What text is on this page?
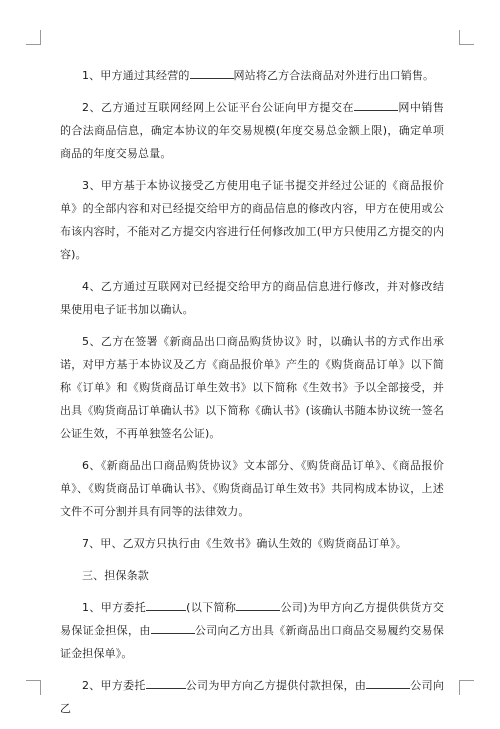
1、甲方通过其经营的	网站将乙方合法商品对外进行出口销售。

2、乙方通过互联网经网上公证平台公证向甲方提交在	网中销售的合法商品信息，确定本协议的年交易规模(年度交易总金额上限)，确定单项商品的年度交易总量。

3、甲方基于本协议接受乙方使用电子证书提交并经过公证的《商品报价单》的全部内容和对已经提交给甲方的商品信息的修改内容，甲方在使用或公布该内容时，不能对乙方提交内容进行任何修改加工(甲方只使用乙方提交的内容)。

4、乙方通过互联网对已经提交给甲方的商品信息进行修改，并对修改结果使用电子证书加以确认。

5、乙方在签署《新商品出口商品购货协议》时，以确认书的方式作出承诺，对甲方基于本协议及乙方《商品报价单》产生的《购货商品订单》以下简称《订单》和《购货商品订单生效书》以下简称《生效书》予以全部接受，并出具《购货商品订单确认书》以下简称《确认书》(该确认书随本协议统一签名公证生效，不再单独签名公证)。

6、《新商品出口商品购货协议》文本部分、《购货商品订单》、《商品报价单》、《购货商品订单确认书》、《购货商品订单生效书》共同构成本协议，上述文件不可分割并具有同等的法律效力。

7、甲、乙双方只执行由《生效书》确认生效的《购货商品订单》。

三、担保条款

1、甲方委托	(以下简称	公司)为甲方向乙方提供供货方交易保证金担保，由	公司向乙方出具《新商品出口商品交易履约交易保证金担保单》。

2、甲方委托	公司为甲方向乙方提供付款担保，由	公司向乙
